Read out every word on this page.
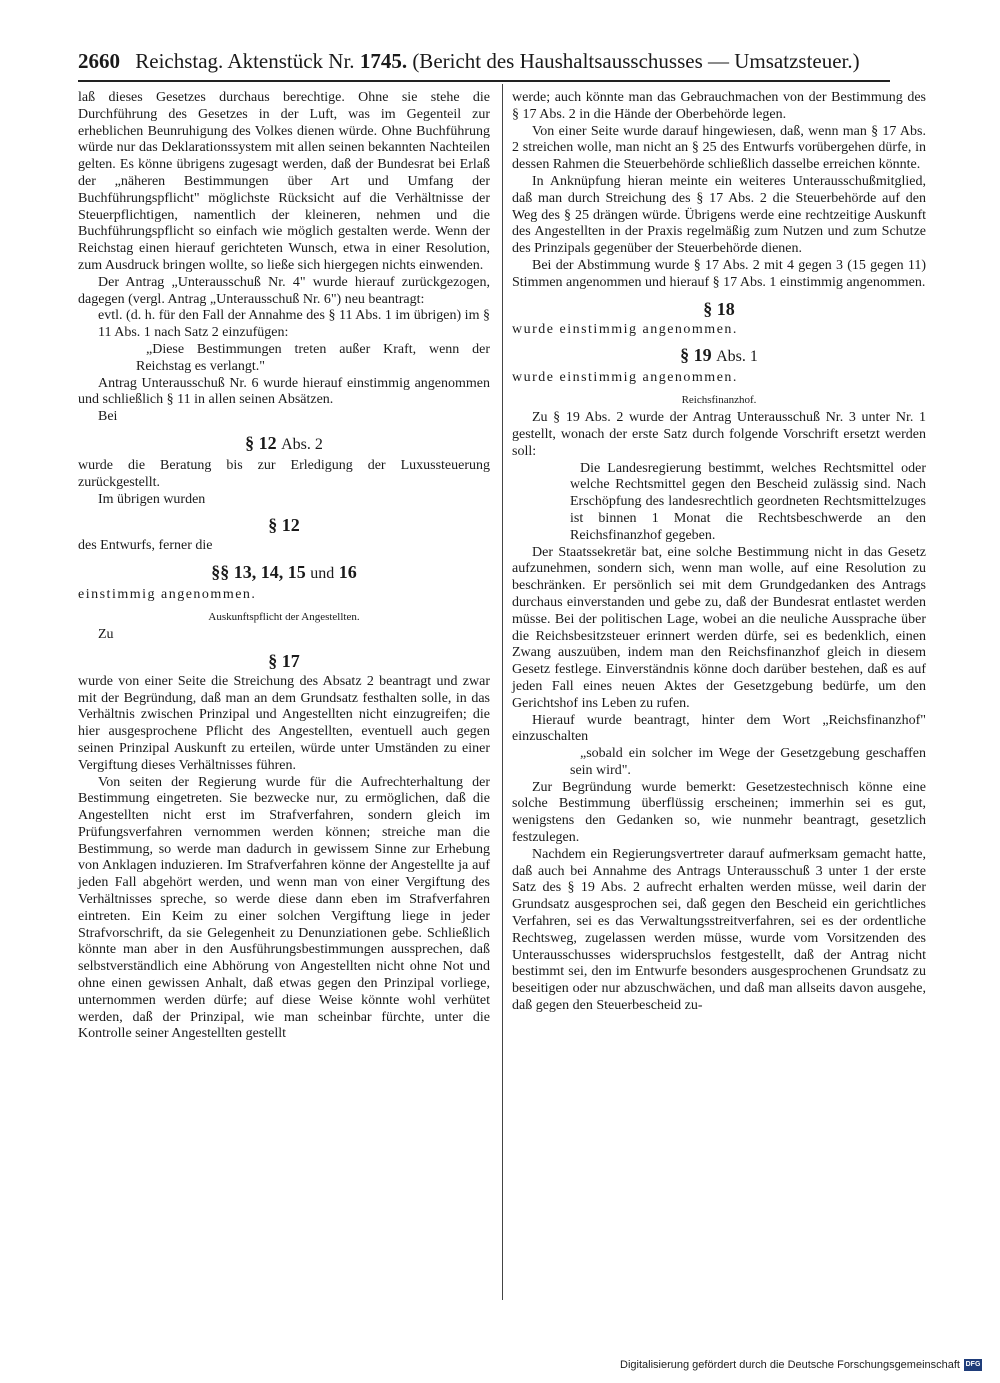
2660 Reichstag. Aktenstück Nr. 1745. (Bericht des Haushaltsausschusses — Umsatzsteuer.)

laß dieses Gesetzes durchaus berechtige. Ohne sie stehe die Durchführung des Gesetzes in der Luft, was im Gegenteil zur erheblichen Beunruhigung des Volkes dienen würde. Ohne Buchführung würde nur das Deklarationssystem mit allen seinen bekannten Nachteilen gelten. Es könne übrigens zugesagt werden, daß der Bundesrat bei Erlaß der „näheren Bestimmungen über Art und Umfang der Buchführungspflicht" möglichste Rücksicht auf die Verhältnisse der Steuerpflichtigen, namentlich der kleineren, nehmen und die Buchführungspflicht so einfach wie möglich gestalten werde. Wenn der Reichstag einen hierauf gerichteten Wunsch, etwa in einer Resolution, zum Ausdruck bringen wollte, so ließe sich hiergegen nichts einwenden.

Der Antrag „Unterausschuß Nr. 4" wurde hierauf zurückgezogen, dagegen (vergl. Antrag „Unterausschuß Nr. 6") neu beantragt:

evtl. (d. h. für den Fall der Annahme des § 11 Abs. 1 im übrigen) im § 11 Abs. 1 nach Satz 2 einzufügen:

„Diese Bestimmungen treten außer Kraft, wenn der Reichstag es verlangt."

Antrag Unterausschuß Nr. 6 wurde hierauf einstimmig angenommen und schließlich § 11 in allen seinen Absätzen.

Bei

§ 12 Abs. 2

wurde die Beratung bis zur Erledigung der Luxussteuerung zurückgestellt.

Im übrigen wurden

§ 12

des Entwurfs, ferner die

§§ 13, 14, 15 und 16

einstimmig angenommen.

Auskunftspflicht der Angestellten.

Zu

§ 17

wurde von einer Seite die Streichung des Absatz 2 beantragt und zwar mit der Begründung, daß man an dem Grundsatz festhalten solle, in das Verhältnis zwischen Prinzipal und Angestellten nicht einzugreifen; die hier ausgesprochene Pflicht des Angestellten, eventuell auch gegen seinen Prinzipal Auskunft zu erteilen, würde unter Umständen zu einer Vergiftung dieses Verhältnisses führen.

Von seiten der Regierung wurde für die Aufrechterhaltung der Bestimmung eingetreten. Sie bezwecke nur, zu ermöglichen, daß die Angestellten nicht erst im Strafverfahren, sondern gleich im Prüfungsverfahren vernommen werden können; streiche man die Bestimmung, so werde man dadurch in gewissem Sinne zur Erhebung von Anklagen induzieren. Im Strafverfahren könne der Angestellte ja auf jeden Fall abgehört werden, und wenn man von einer Vergiftung des Verhältnisses spreche, so werde diese dann eben im Strafverfahren eintreten. Ein Keim zu einer solchen Vergiftung liege in jeder Strafvorschrift, da sie Gelegenheit zu Denunziationen gebe. Schließlich könnte man aber in den Ausführungsbestimmungen aussprechen, daß selbstverständlich eine Abhörung von Angestellten nicht ohne Not und ohne einen gewissen Anhalt, daß etwas gegen den Prinzipal vorliege, unternommen werden dürfe; auf diese Weise könnte wohl verhütet werden, daß der Prinzipal, wie man scheinbar fürchte, unter die Kontrolle seiner Angestellten gestellt

werde; auch könnte man das Gebrauchmachen von der Bestimmung des § 17 Abs. 2 in die Hände der Oberbehörde legen.

Von einer Seite wurde darauf hingewiesen, daß, wenn man § 17 Abs. 2 streichen wolle, man nicht an § 25 des Entwurfs vorübergehen dürfe, in dessen Rahmen die Steuerbehörde schließlich dasselbe erreichen könnte.

In Anknüpfung hieran meinte ein weiteres Unterausschußmitglied, daß man durch Streichung des § 17 Abs. 2 die Steuerbehörde auf den Weg des § 25 drängen würde. Übrigens werde eine rechtzeitige Auskunft des Angestellten in der Praxis regelmäßig zum Nutzen und zum Schutze des Prinzipals gegenüber der Steuerbehörde dienen.

Bei der Abstimmung wurde § 17 Abs. 2 mit 4 gegen 3 (15 gegen 11) Stimmen angenommen und hierauf § 17 Abs. 1 einstimmig angenommen.

§ 18

wurde einstimmig angenommen.

§ 19 Abs. 1

wurde einstimmig angenommen.

Reichsfinanzhof.

Zu § 19 Abs. 2 wurde der Antrag Unterausschuß Nr. 3 unter Nr. 1 gestellt, wonach der erste Satz durch folgende Vorschrift ersetzt werden soll:

Die Landesregierung bestimmt, welches Rechtsmittel oder welche Rechtsmittel gegen den Bescheid zulässig sind. Nach Erschöpfung des landesrechtlich geordneten Rechtsmittelzuges ist binnen 1 Monat die Rechtsbeschwerde an den Reichsfinanzhof gegeben.

Der Staatssekretär bat, eine solche Bestimmung nicht in das Gesetz aufzunehmen, sondern sich, wenn man wolle, auf eine Resolution zu beschränken. Er persönlich sei mit dem Grundgedanken des Antrags durchaus einverstanden und gebe zu, daß der Bundesrat entlastet werden müsse. Bei der politischen Lage, wobei an die neuliche Aussprache über die Reichsbesitzsteuer erinnert werden dürfe, sei es bedenklich, einen Zwang auszuüben, indem man den Reichsfinanzhof gleich in diesem Gesetz festlege. Einverständnis könne doch darüber bestehen, daß es auf jeden Fall eines neuen Aktes der Gesetzgebung bedürfe, um den Gerichtshof ins Leben zu rufen.

Hierauf wurde beantragt, hinter dem Wort „Reichsfinanzhof" einzuschalten

„sobald ein solcher im Wege der Gesetzgebung geschaffen sein wird".

Zur Begründung wurde bemerkt: Gesetzestechnisch könne eine solche Bestimmung überflüssig erscheinen; immerhin sei es gut, wenigstens den Gedanken so, wie nunmehr beantragt, gesetzlich festzulegen.

Nachdem ein Regierungsvertreter darauf aufmerksam gemacht hatte, daß auch bei Annahme des Antrags Unterausschuß 3 unter 1 der erste Satz des § 19 Abs. 2 aufrecht erhalten werden müsse, weil darin der Grundsatz ausgesprochen sei, daß gegen den Bescheid ein gerichtliches Verfahren, sei es das Verwaltungsstreitverfahren, sei es der ordentliche Rechtsweg, zugelassen werden müsse, wurde vom Vorsitzenden des Unterausschusses widerspruchslos festgestellt, daß der Antrag nicht bestimmt sei, den im Entwurfe besonders ausgesprochenen Grundsatz zu beseitigen oder nur abzuschwächen, und daß man allseits davon ausgehe, daß gegen den Steuerbescheid zu-

Digitalisierung gefördert durch die Deutsche Forschungsgemeinschaft DFG
